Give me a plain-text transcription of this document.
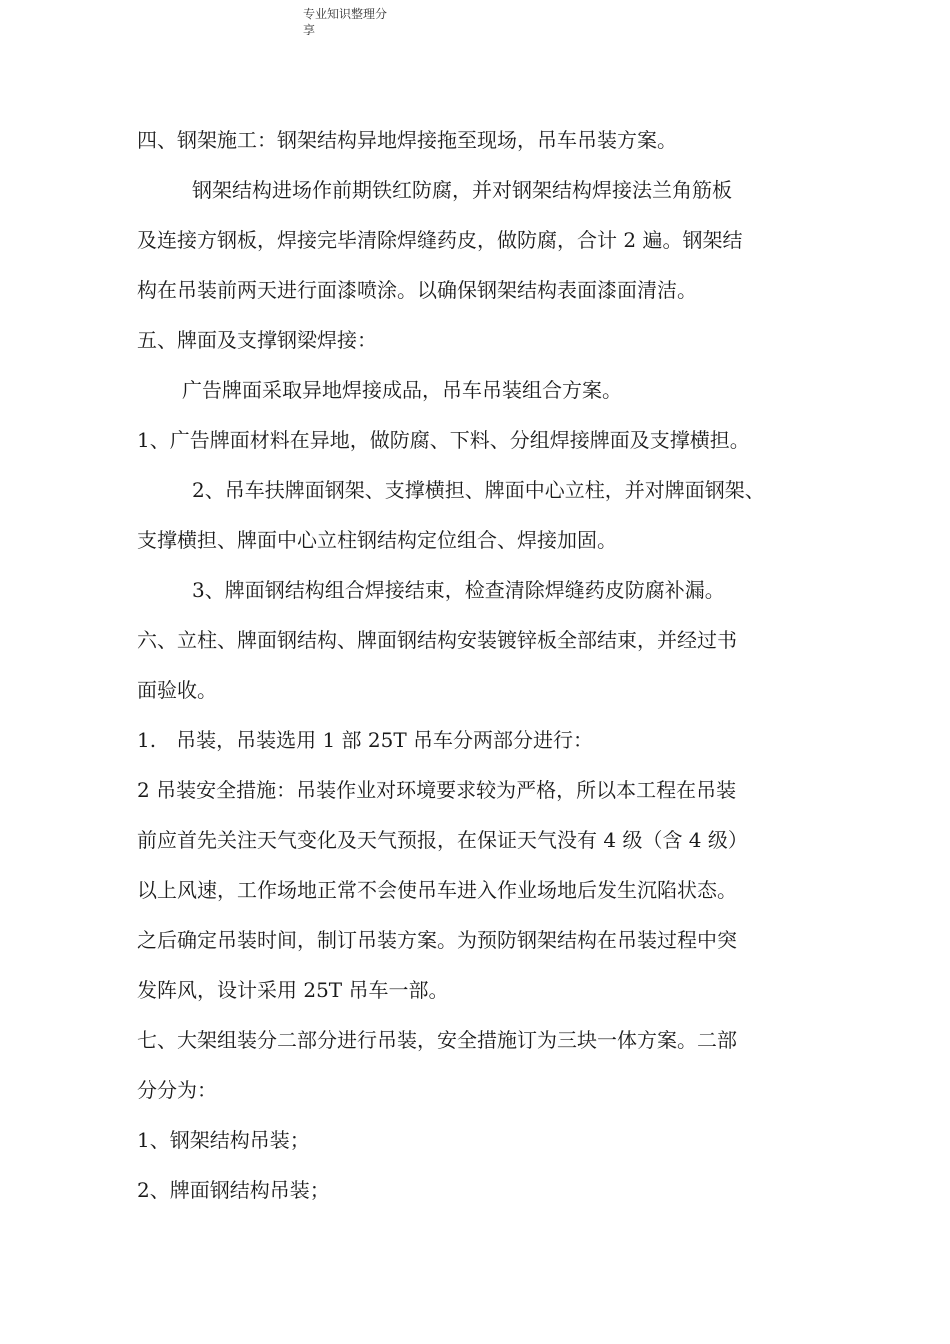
专业知识整理分享
四、钢架施工：钢架结构异地焊接拖至现场，吊车吊装方案。
钢架结构进场作前期铁红防腐，并对钢架结构焊接法兰角筋板
及连接方钢板，焊接完毕清除焊缝药皮，做防腐，合计 2 遍。钢架结
构在吊装前两天进行面漆喷涂。以确保钢架结构表面漆面清洁。
五、牌面及支撑钢梁焊接：
广告牌面采取异地焊接成品，吊车吊装组合方案。
1、广告牌面材料在异地，做防腐、下料、分组焊接牌面及支撑横担。
2、吊车扶牌面钢架、支撑横担、牌面中心立柱，并对牌面钢架、
支撑横担、牌面中心立柱钢结构定位组合、焊接加固。
3、牌面钢结构组合焊接结束，检查清除焊缝药皮防腐补漏。
六、立柱、牌面钢结构、牌面钢结构安装镀锌板全部结束，并经过书
面验收。
1.　吊装，吊装选用 1 部 25T 吊车分两部分进行：
2 吊装安全措施：吊装作业对环境要求较为严格，所以本工程在吊装
前应首先关注天气变化及天气预报，在保证天气没有 4 级（含 4 级）
以上风速，工作场地正常不会使吊车进入作业场地后发生沉陷状态。
之后确定吊装时间，制订吊装方案。为预防钢架结构在吊装过程中突
发阵风，设计采用 25T 吊车一部。
七、大架组装分二部分进行吊装，安全措施订为三块一体方案。二部
分分为：
1、钢架结构吊装；
2、牌面钢结构吊装；
